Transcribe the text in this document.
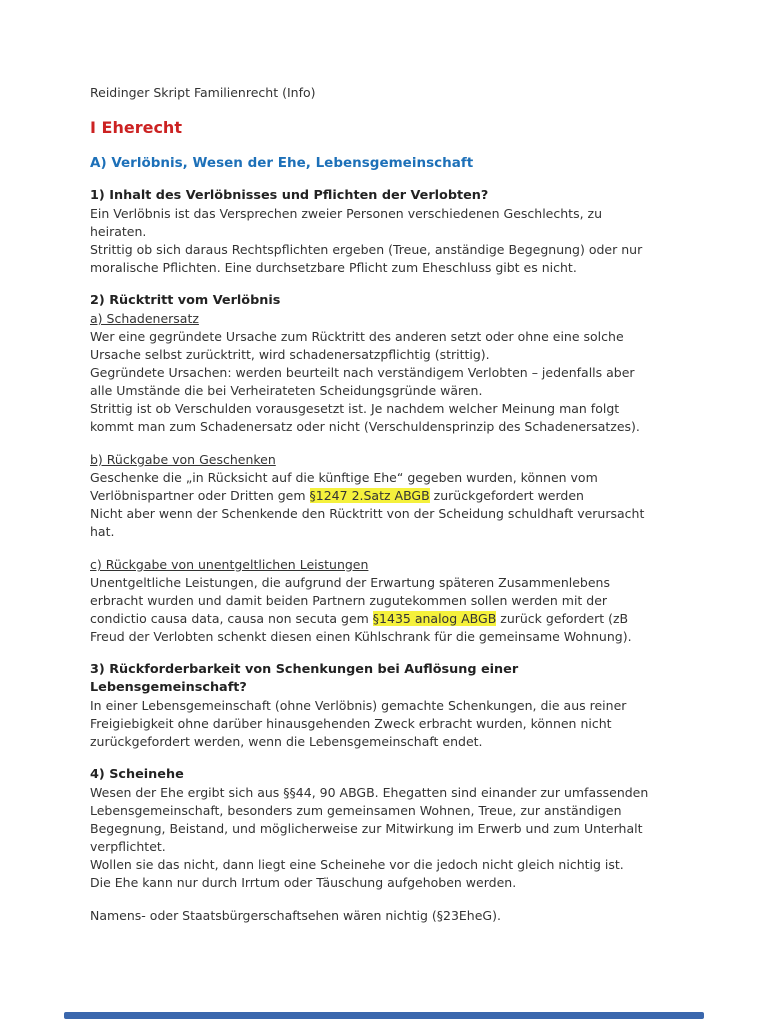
Reidinger Skript Familienrecht (Info)
I Eherecht
A) Verlöbnis, Wesen der Ehe, Lebensgemeinschaft
1) Inhalt des Verlöbnisses und Pflichten der Verlobten?
Ein Verlöbnis ist das Versprechen zweier Personen verschiedenen Geschlechts, zu
heiraten.
Strittig ob sich daraus Rechtspflichten ergeben (Treue, anständige Begegnung) oder nur
moralische Pflichten. Eine durchsetzbare Pflicht zum Eheschluss gibt es nicht.
2) Rücktritt vom Verlöbnis
a) Schadenersatz
Wer eine gegründete Ursache zum Rücktritt des anderen setzt oder ohne eine solche
Ursache selbst zurücktritt, wird schadenersatzpflichtig (strittig).
Gegründete Ursachen: werden beurteilt nach verständigem Verlobten – jedenfalls aber
alle Umstände die bei Verheirateten Scheidungsgründe wären.
Strittig ist ob Verschulden vorausgesetzt ist. Je nachdem welcher Meinung man folgt
kommt man zum Schadenersatz oder nicht (Verschuldensprinzip des Schadenersatzes).
b) Rückgabe von Geschenken
Geschenke die „in Rücksicht auf die künftige Ehe“ gegeben wurden, können vom
Verlöbnispartner oder Dritten gem §1247 2.Satz ABGB zurückgefordert werden
Nicht aber wenn der Schenkende den Rücktritt von der Scheidung schuldhaft verursacht
hat.
c) Rückgabe von unentgeltlichen Leistungen
Unentgeltliche Leistungen, die aufgrund der Erwartung späteren Zusammenlebens
erbracht wurden und damit beiden Partnern zugutekommen sollen werden mit der
condictio causa data, causa non secuta gem §1435 analog ABGB zurück gefordert (zB
Freud der Verlobten schenkt diesen einen Kühlschrank für die gemeinsame Wohnung).
3) Rückforderbarkeit von Schenkungen bei Auflösung einer
Lebensgemeinschaft?
In einer Lebensgemeinschaft (ohne Verlöbnis) gemachte Schenkungen, die aus reiner
Freigiebigkeit ohne darüber hinausgehenden Zweck erbracht wurden, können nicht
zurückgefordert werden, wenn die Lebensgemeinschaft endet.
4) Scheinehe
Wesen der Ehe ergibt sich aus §§44, 90 ABGB. Ehegatten sind einander zur umfassenden
Lebensgemeinschaft, besonders zum gemeinsamen Wohnen, Treue, zur anständigen
Begegnung, Beistand, und möglicherweise zur Mitwirkung im Erwerb und zum Unterhalt
verpflichtet.
Wollen sie das nicht, dann liegt eine Scheinehe vor die jedoch nicht gleich nichtig ist.
Die Ehe kann nur durch Irrtum oder Täuschung aufgehoben werden.
Namens- oder Staatsbürgerschaftsehen wären nichtig (§23EheG).
